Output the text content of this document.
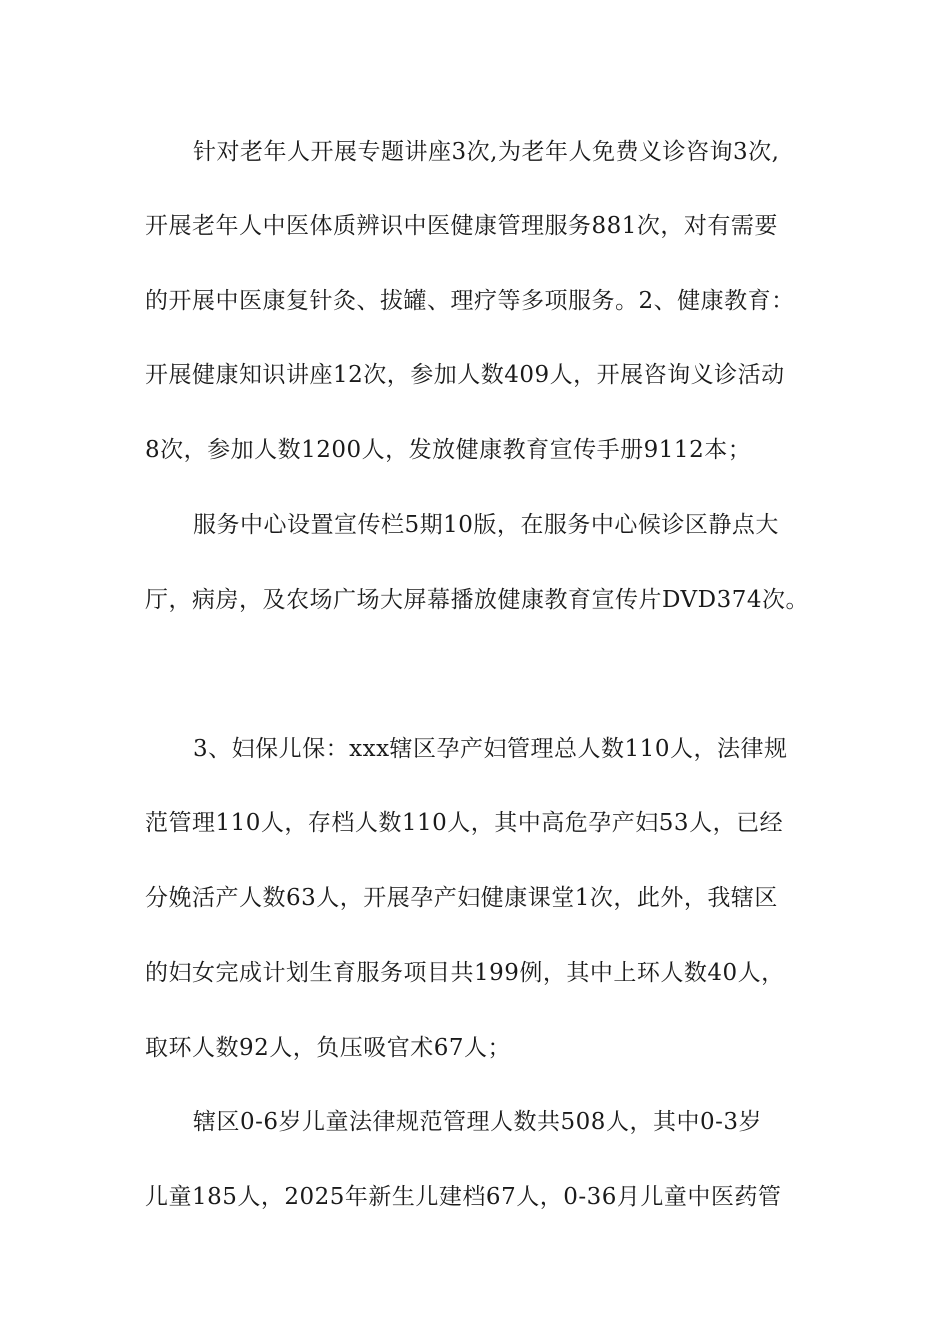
针对老年人开展专题讲座3次,为老年人免费义诊咨询3次,
开展老年人中医体质辨识中医健康管理服务881次，对有需要
的开展中医康复针灸、拔罐、理疗等多项服务。2、健康教育：
开展健康知识讲座12次，参加人数409人，开展咨询义诊活动
8次，参加人数1200人，发放健康教育宣传手册9112本；
服务中心设置宣传栏5期10版，在服务中心候诊区静点大
厅，病房，及农场广场大屏幕播放健康教育宣传片DVD374次。
3、妇保儿保：xxx辖区孕产妇管理总人数110人，法律规
范管理110人，存档人数110人，其中高危孕产妇53人，已经
分娩活产人数63人，开展孕产妇健康课堂1次，此外，我辖区
的妇女完成计划生育服务项目共199例，其中上环人数40人，
取环人数92人，负压吸官术67人；
辖区0-6岁儿童法律规范管理人数共508人，其中0-3岁
儿童185人，2025年新生儿建档67人，0-36月儿童中医药管
